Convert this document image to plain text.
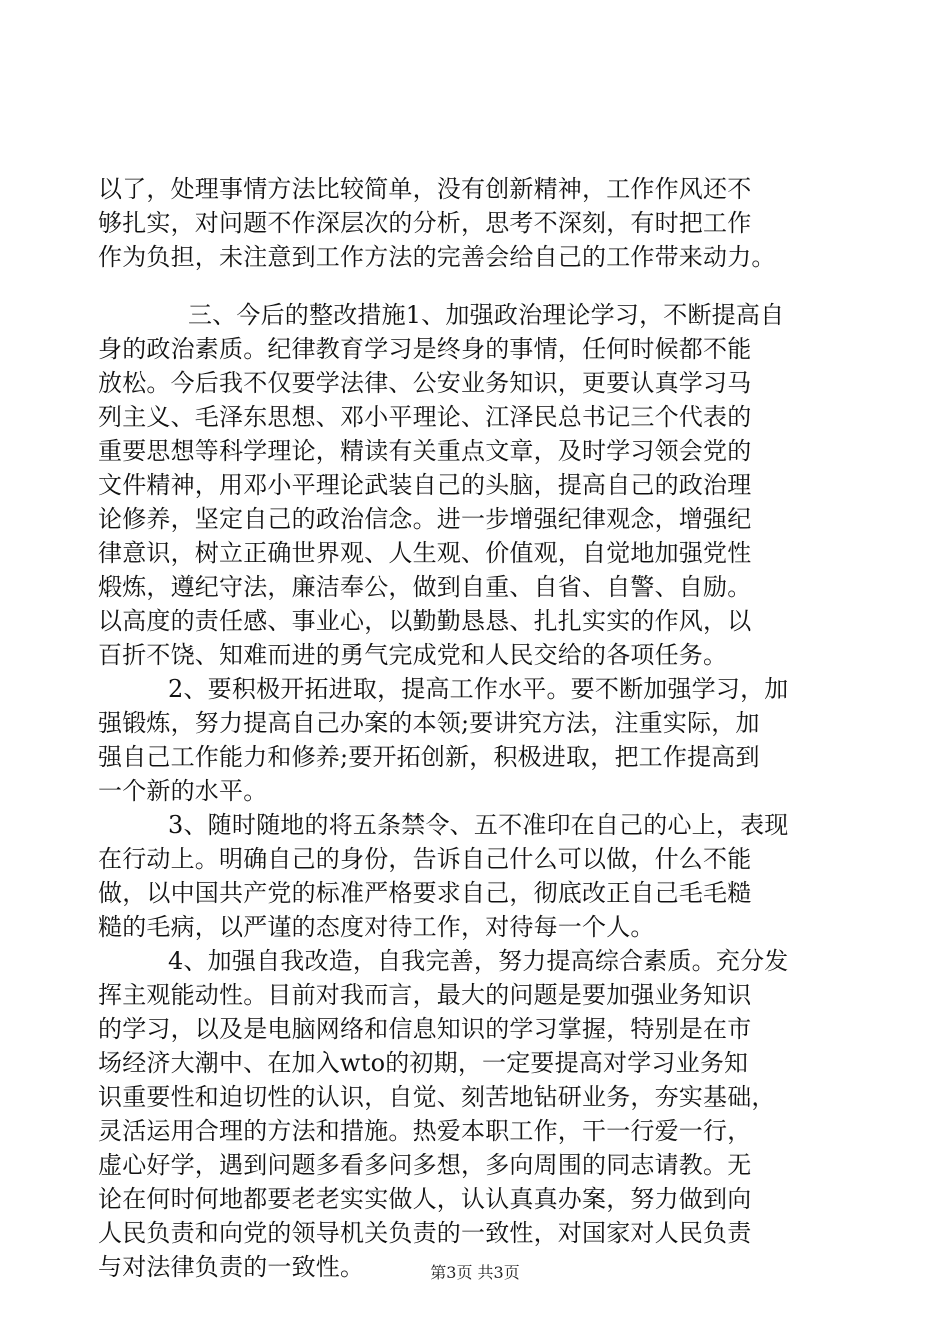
以了，处理事情方法比较简单，没有创新精神，工作作风还不
够扎实，对问题不作深层次的分析，思考不深刻，有时把工作
作为负担，未注意到工作方法的完善会给自己的工作带来动力。
三、今后的整改措施1、加强政治理论学习，不断提高自
身的政治素质。纪律教育学习是终身的事情，任何时候都不能
放松。今后我不仅要学法律、公安业务知识，更要认真学习马
列主义、毛泽东思想、邓小平理论、江泽民总书记三个代表的
重要思想等科学理论，精读有关重点文章，及时学习领会党的
文件精神，用邓小平理论武装自己的头脑，提高自己的政治理
论修养，坚定自己的政治信念。进一步增强纪律观念，增强纪
律意识，树立正确世界观、人生观、价值观，自觉地加强党性
煅炼，遵纪守法，廉洁奉公，做到自重、自省、自警、自励。
以高度的责任感、事业心，以勤勤恳恳、扎扎实实的作风，以
百折不饶、知难而进的勇气完成党和人民交给的各项任务。
2、要积极开拓进取，提高工作水平。要不断加强学习，加
强锻炼，努力提高自己办案的本领;要讲究方法，注重实际，加
强自己工作能力和修养;要开拓创新，积极进取，把工作提高到
一个新的水平。
3、随时随地的将五条禁令、五不准印在自己的心上，表现
在行动上。明确自己的身份，告诉自己什么可以做，什么不能
做，以中国共产党的标准严格要求自己，彻底改正自己毛毛糙
糙的毛病，以严谨的态度对待工作，对待每一个人。
4、加强自我改造，自我完善，努力提高综合素质。充分发
挥主观能动性。目前对我而言，最大的问题是要加强业务知识
的学习，以及是电脑网络和信息知识的学习掌握，特别是在市
场经济大潮中、在加入wto的初期，一定要提高对学习业务知
识重要性和迫切性的认识，自觉、刻苦地钻研业务，夯实基础，
灵活运用合理的方法和措施。热爱本职工作，干一行爱一行，
虚心好学，遇到问题多看多问多想，多向周围的同志请教。无
论在何时何地都要老老实实做人，认认真真办案，努力做到向
人民负责和向党的领导机关负责的一致性，对国家对人民负责
与对法律负责的一致性。	第3页 共3页
